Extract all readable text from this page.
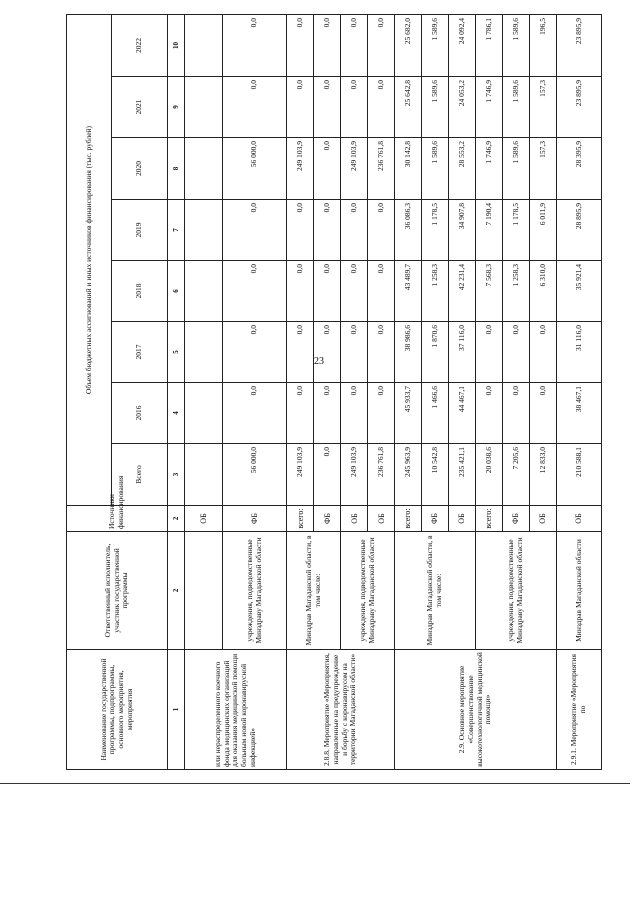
23
Наименование государственной программы, подпрограммы, основного мероприятия, мероприятия	Ответственный исполнитель, участник государственной программы	Источники финансирования	Объем бюджетных ассигнований и иных источников финансирования (тыс. рублей)							
			Всего	2016	2017	2018	2019	2020	2021	2022
1	2	2	3	4	5	6	7	8	9	10
или нераспределенного коечного фонда медицинских организаций для оказания медицинской помощи больным новой коронавирусной инфекцией»		ОБ								
	учреждения, подведомственные Минздраву Магаданской области	ФБ	56 000,0	0,0	0,0	0,0	0,0	56 000,0	0,0	0,0
2.8.8. Мероприятие «Мероприятия, направленные на предупреждение и борьбу с коронавирусом на территории Магаданской области»	Минздрав Магаданской области, в том числе:	всего:	249 103,9	0,0	0,0	0,0	0,0	249 103,9	0,0	0,0
		ФБ	0,0	0,0	0,0	0,0	0,0	0,0	0,0	0,0
	учреждения, подведомственные Минздраву Магаданской области	ОБ	249 103,9	0,0	0,0	0,0	0,0	249 103,9	0,0	0,0
		ОБ	236 761,8	0,0	0,0	0,0	0,0	236 761,8	0,0	0,0
2.9. Основное мероприятие «Совершенствование высокотехнологичной медицинской помощи»	Минздрав Магаданской области, в том числе:	всего:	245 963,9	45 933,7	38 986,6	43 489,7	36 086,3	30 142,8	25 642,8	25 682,0
		ФБ	10 542,8	1 466,6	1 870,6	1 258,3	1 178,5	1 589,6	1 589,6	1 589,6
		ОБ	235 421,1	44 467,1	37 116,0	42 231,4	34 907,8	28 553,2	24 053,2	24 092,4
	учреждения, подведомственные Минздраву Магаданской области	всего:	20 038,6	0,0	0,0	7 568,3	7 190,4	1 746,9	1 746,9	1 786,1
		ФБ	7 205,6	0,0	0,0	1 258,3	1 178,5	1 589,6	1 589,6	1 589,6
		ОБ	12 833,0	0,0	0,0	6 310,0	6 011,9	157,3	157,3	196,5
2.9.1. Мероприятие «Мероприятия по	Минздрав Магаданской области	ОБ	210 588,1	38 467,1	31 116,0	35 921,4	28 895,9	28 395,9	23 895,9	23 895,9
